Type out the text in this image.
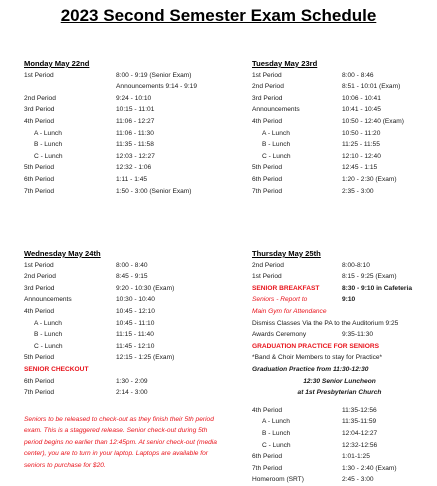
2023 Second Semester Exam Schedule
Monday May 22nd
1st Period	8:00 - 9:19 (Senior Exam)
Announcements 9:14 - 9:19
2nd Period	9:24 - 10:10
3rd Period	10:15 - 11:01
4th Period	11:06 - 12:27
A - Lunch	11:06 - 11:30
B - Lunch	11:35 - 11:58
C - Lunch	12:03 - 12:27
5th Period	12:32 - 1:06
6th Period	1:11 - 1:45
7th Period	1:50 - 3:00 (Senior Exam)
Tuesday May 23rd
1st Period	8:00 - 8:46
2nd Period	8:51 - 10:01 (Exam)
3rd Period	10:06 - 10:41
Announcements	10:41 - 10:45
4th Period	10:50 - 12:40 (Exam)
A - Lunch	10:50 - 11:20
B - Lunch	11:25 - 11:55
C - Lunch	12:10 - 12:40
5th Period	12:45 - 1:15
6th Period	1:20 - 2:30 (Exam)
7th Period	2:35 - 3:00
Wednesday May 24th
1st Period	8:00 - 8:40
2nd Period	8:45 - 9:15
3rd Period	9:20 - 10:30 (Exam)
Announcements	10:30 - 10:40
4th Period	10:45 - 12:10
A - Lunch	10:45 - 11:10
B - Lunch	11:15 - 11:40
C - Lunch	11:45 - 12:10
5th Period	12:15 - 1:25 (Exam)
SENIOR CHECKOUT
6th Period	1:30 - 2:09
7th Period	2:14 - 3:00
Seniors to be released to check-out as they finish their 5th period exam. This is a staggered release. Senior check-out during 5th period begins no earlier than 12:45pm. At senior check-out (media center), you are to turn in your laptop. Laptops are available for seniors to purchase for $20.
Thursday May 25th
2nd Period	8:00-8:10
1st Period	8:15 - 9:25 (Exam)
SENIOR BREAKFAST	8:30 - 9:10 in Cafeteria
Seniors - Report to	9:10
Main Gym for Attendance
Dismiss Classes Via the PA to the Auditorium 9:25
Awards Ceremony	9:35-11:30
GRADUATION PRACTICE FOR SENIORS
*Band & Choir Members to stay for Practice*
Graduation Practice from 11:30-12:30
12:30 Senior Luncheon
at 1st Presbyterian Church
4th Period	11:35-12:56
A - Lunch	11:35-11:59
B - Lunch	12:04-12:27
C - Lunch	12:32-12:56
6th Period	1:01-1:25
7th Period	1:30 - 2:40 (Exam)
Homeroom (SRT)	2:45 - 3:00
